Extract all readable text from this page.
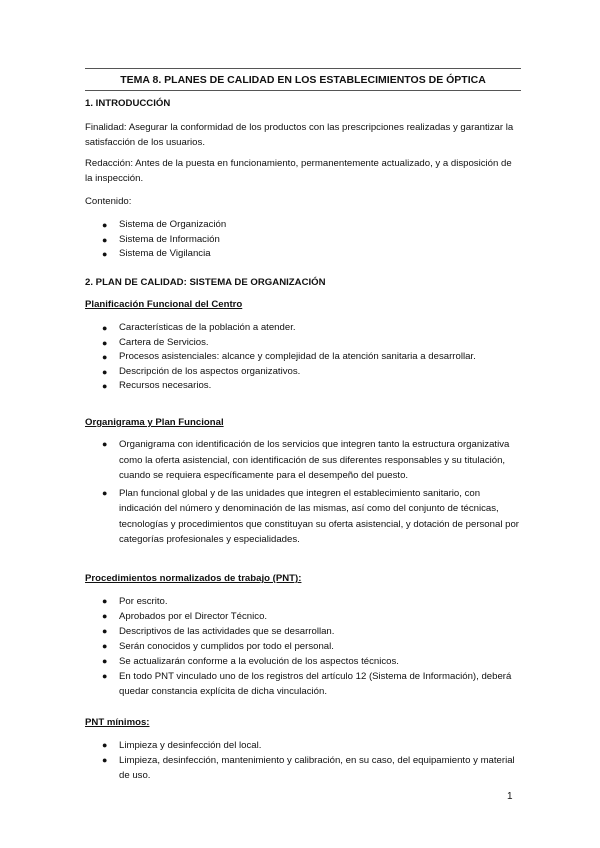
TEMA 8. PLANES DE CALIDAD EN LOS ESTABLECIMIENTOS DE ÓPTICA
1. INTRODUCCIÓN
Finalidad: Asegurar la conformidad de los productos con las prescripciones realizadas y garantizar la satisfacción de los usuarios.
Redacción: Antes de la puesta en funcionamiento, permanentemente actualizado, y a disposición de la inspección.
Contenido:
● Sistema de Organización
● Sistema de Información
● Sistema de Vigilancia
2. PLAN DE CALIDAD: SISTEMA DE ORGANIZACIÓN
Planificación Funcional del Centro
● Características de la población a atender.
● Cartera de Servicios.
● Procesos asistenciales: alcance y complejidad de la atención sanitaria a desarrollar.
● Descripción de los aspectos organizativos.
● Recursos necesarios.
Organigrama y Plan Funcional
● Organigrama con identificación de los servicios que integren tanto la estructura organizativa como la oferta asistencial, con identificación de sus diferentes responsables y su titulación, cuando se requiera específicamente para el desempeño del puesto.
● Plan funcional global y de las unidades que integren el establecimiento sanitario, con indicación del número y denominación de las mismas, así como del conjunto de técnicas, tecnologías y procedimientos que constituyan su oferta asistencial, y dotación de personal por categorías profesionales y especialidades.
Procedimientos normalizados de trabajo (PNT):
● Por escrito.
● Aprobados por el Director Técnico.
● Descriptivos de las actividades que se desarrollan.
● Serán conocidos y cumplidos por todo el personal.
● Se actualizarán conforme a la evolución de los aspectos técnicos.
● En todo PNT vinculado uno de los registros del artículo 12 (Sistema de Información), deberá quedar constancia explícita de dicha vinculación.
PNT mínimos:
● Limpieza y desinfección del local.
● Limpieza, desinfección, mantenimiento y calibración, en su caso, del equipamiento y material de uso.
1
